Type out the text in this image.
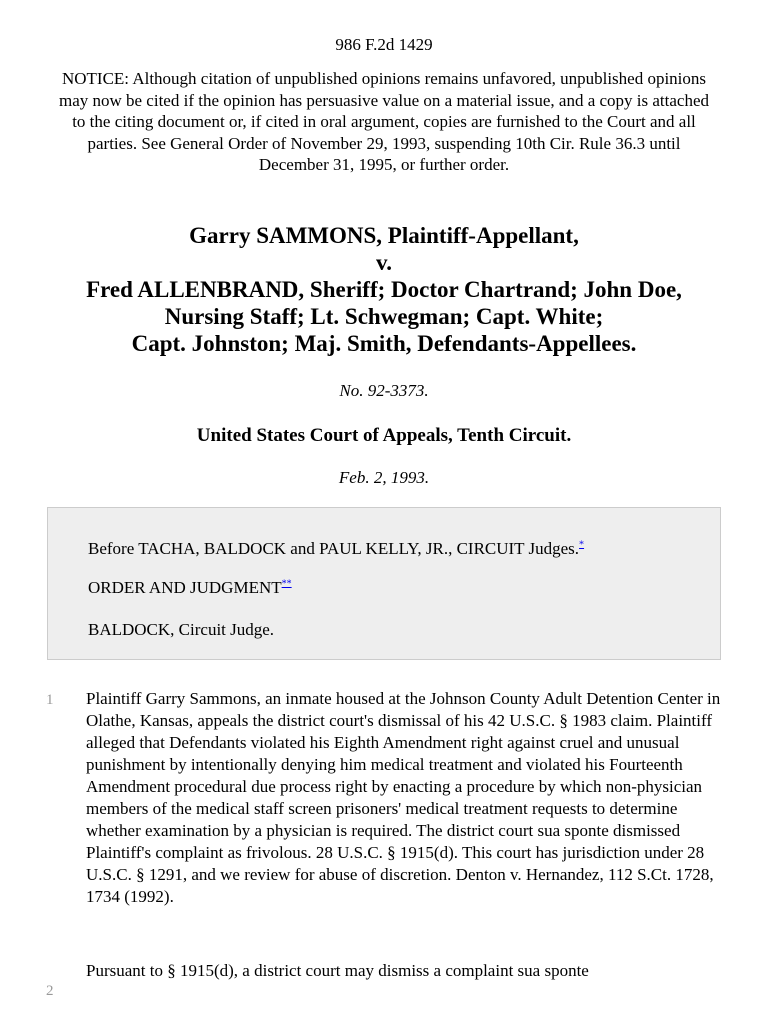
986 F.2d 1429
NOTICE: Although citation of unpublished opinions remains unfavored, unpublished opinions may now be cited if the opinion has persuasive value on a material issue, and a copy is attached to the citing document or, if cited in oral argument, copies are furnished to the Court and all parties. See General Order of November 29, 1993, suspending 10th Cir. Rule 36.3 until December 31, 1995, or further order.
Garry SAMMONS, Plaintiff-Appellant,
v.
Fred ALLENBRAND, Sheriff; Doctor Chartrand; John Doe,
Nursing Staff; Lt. Schwegman; Capt. White;
Capt. Johnston; Maj. Smith, Defendants-Appellees.
No. 92-3373.
United States Court of Appeals, Tenth Circuit.
Feb. 2, 1993.

Before TACHA, BALDOCK and PAUL KELLY, JR., CIRCUIT Judges.*

ORDER AND JUDGMENT**

BALDOCK, Circuit Judge.

1 Plaintiff Garry Sammons, an inmate housed at the Johnson County Adult Detention Center in Olathe, Kansas, appeals the district court's dismissal of his 42 U.S.C. § 1983 claim. Plaintiff alleged that Defendants violated his Eighth Amendment right against cruel and unusual punishment by intentionally denying him medical treatment and violated his Fourteenth Amendment procedural due process right by enacting a procedure by which non-physician members of the medical staff screen prisoners' medical treatment requests to determine whether examination by a physician is required. The district court sua sponte dismissed Plaintiff's complaint as frivolous. 28 U.S.C. § 1915(d). This court has jurisdiction under 28 U.S.C. § 1291, and we review for abuse of discretion. Denton v. Hernandez, 112 S.Ct. 1728, 1734 (1992).
2
Pursuant to § 1915(d), a district court may dismiss a complaint sua sponte
